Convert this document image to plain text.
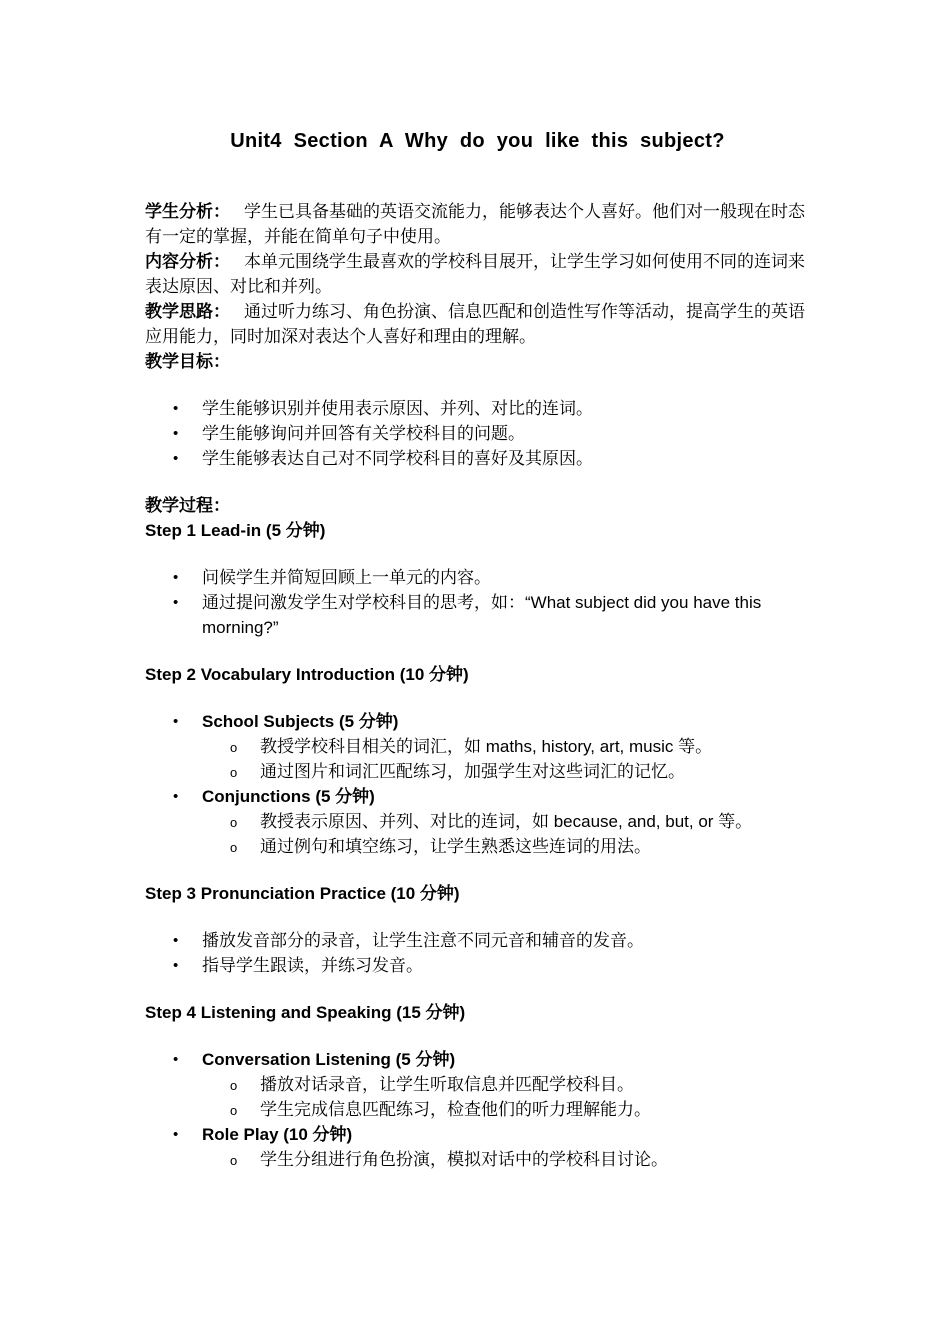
Unit4 Section A Why do you like this subject?

学生分析： 学生已具备基础的英语交流能力，能够表达个人喜好。他们对一般现在时态有一定的掌握，并能在简单句子中使用。

内容分析： 本单元围绕学生最喜欢的学校科目展开，让学生学习如何使用不同的连词来表达原因、对比和并列。

教学思路： 通过听力练习、角色扮演、信息匹配和创造性写作等活动，提高学生的英语应用能力，同时加深对表达个人喜好和理由的理解。

教学目标：

• 学生能够识别并使用表示原因、并列、对比的连词。
• 学生能够询问并回答有关学校科目的问题。
• 学生能够表达自己对不同学校科目的喜好及其原因。

教学过程：

Step 1 Lead-in (5 分钟)

• 问候学生并简短回顾上一单元的内容。
• 通过提问激发学生对学校科目的思考，如：“What subject did you have this morning?”

Step 2 Vocabulary Introduction (10 分钟)

• School Subjects (5 分钟)
o 教授学校科目相关的词汇，如 maths, history, art, music 等。
o 通过图片和词汇匹配练习，加强学生对这些词汇的记忆。
• Conjunctions (5 分钟)
o 教授表示原因、并列、对比的连词，如 because, and, but, or 等。
o 通过例句和填空练习，让学生熟悉这些连词的用法。

Step 3 Pronunciation Practice (10 分钟)

• 播放发音部分的录音，让学生注意不同元音和辅音的发音。
• 指导学生跟读，并练习发音。

Step 4 Listening and Speaking (15 分钟)

• Conversation Listening (5 分钟)
o 播放对话录音，让学生听取信息并匹配学校科目。
o 学生完成信息匹配练习，检查他们的听力理解能力。
• Role Play (10 分钟)
o 学生分组进行角色扮演，模拟对话中的学校科目讨论。
